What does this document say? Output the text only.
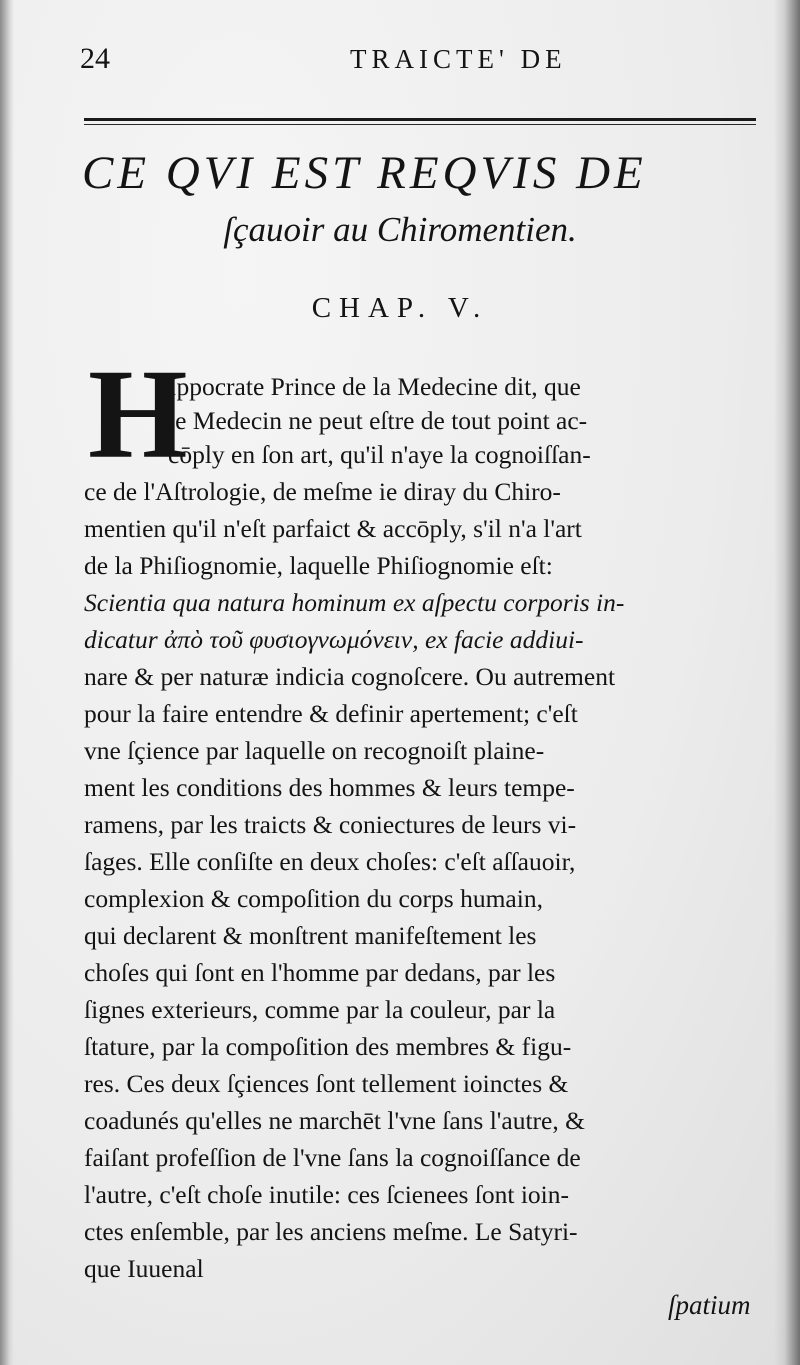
24	TRAICTE' DE
CE QVI EST REQVIS DE
ſçauoir au Chiromentien.
CHAP. V.
H
Ippocrate Prince de la Medecine dit, que
le Medecin ne peut eſtre de tout point ac-
cōply en ſon art, qu'il n'aye la cognoiſſan-
ce de l'Aſtrologie, de meſme ie diray du Chiro-
mentien qu'il n'eſt parfaict & accōply, s'il n'a l'art
de la Phiſiognomie, laquelle Phiſiognomie eſt:
Scientia qua natura hominum ex aſpectu corporis in-
dicatur ἀπὸ τοῦ φυσιογνωμόνειν, ex facie addiui-
nare & per naturæ indicia cognoſcere. Ou autrement
pour la faire entendre & definir apertement; c'eſt
vne ſçience par laquelle on recognoiſt plaine-
ment les conditions des hommes & leurs tempe-
ramens, par les traicts & coniectures de leurs vi-
ſages. Elle conſiſte en deux choſes: c'eſt aſſauoir,
complexion & compoſition du corps humain,
qui declarent & monſtrent manifeſtement les
choſes qui ſont en l'homme par dedans, par les
ſignes exterieurs, comme par la couleur, par la
ſtature, par la compoſition des membres & figu-
res. Ces deux ſçiences ſont tellement ioinctes &
coadunés qu'elles ne marchēt l'vne ſans l'autre, &
faiſant profeſſion de l'vne ſans la cognoiſſance de
l'autre, c'eſt choſe inutile: ces ſcienees ſont ioin-
ctes enſemble, par les anciens meſme. Le Satyri-
que Iuuenal
ſpatium
